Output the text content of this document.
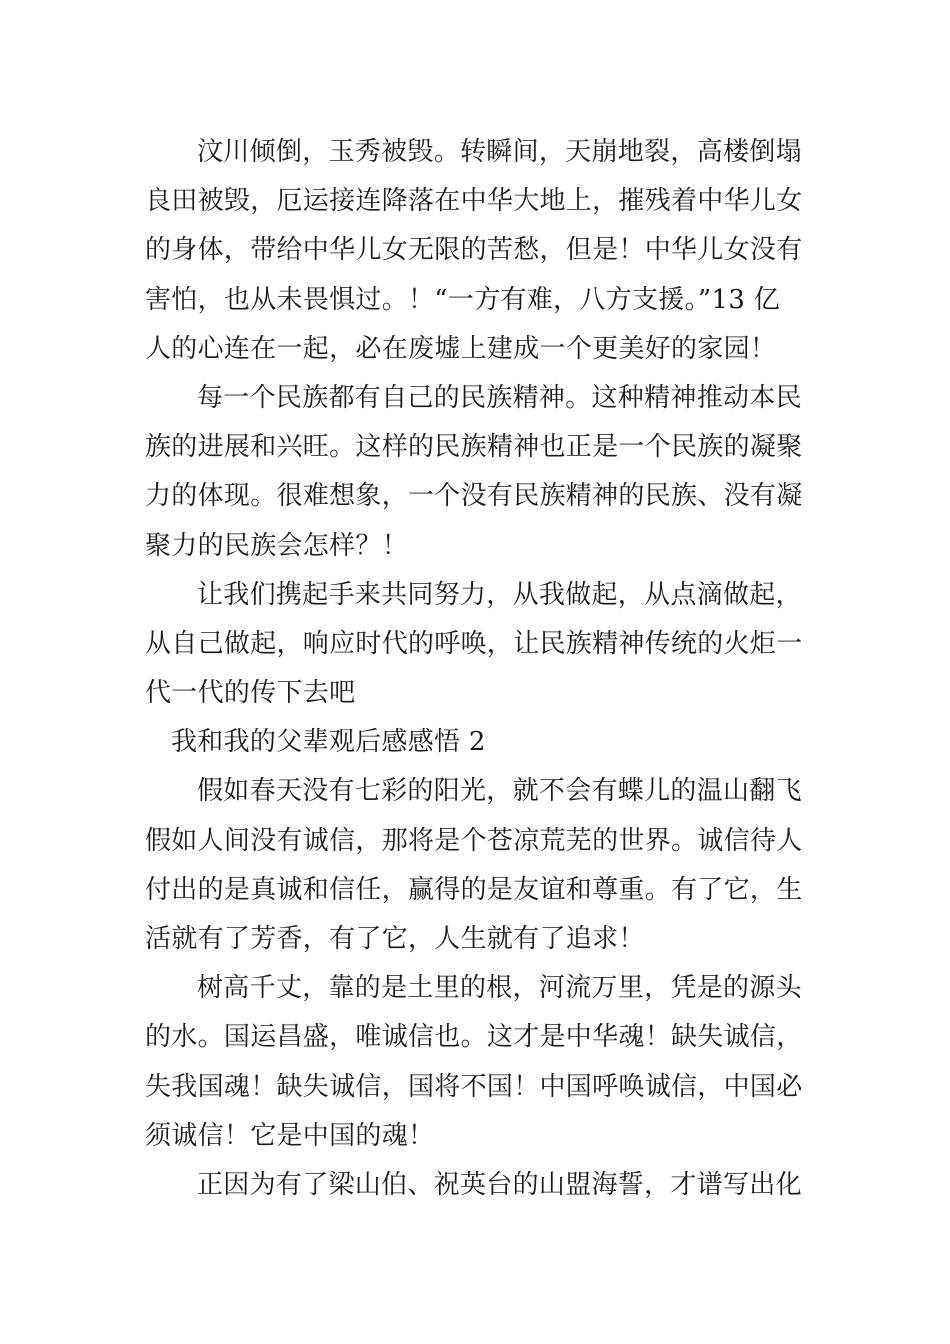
汶川倾倒，玉秀被毁。转瞬间，天崩地裂，高楼倒塌
良田被毁，厄运接连降落在中华大地上，摧残着中华儿女
的身体，带给中华儿女无限的苦愁，但是！中华儿女没有
害怕，也从未畏惧过。！“一方有难，八方支援。”13 亿
人的心连在一起，必在废墟上建成一个更美好的家园！
每一个民族都有自己的民族精神。这种精神推动本民
族的进展和兴旺。这样的民族精神也正是一个民族的凝聚
力的体现。很难想象，一个没有民族精神的民族、没有凝
聚力的民族会怎样？！
让我们携起手来共同努力，从我做起，从点滴做起，
从自己做起，响应时代的呼唤，让民族精神传统的火炬一
代一代的传下去吧
我和我的父辈观后感感悟 2
假如春天没有七彩的阳光，就不会有蝶儿的温山翻飞
假如人间没有诚信，那将是个苍凉荒芜的世界。诚信待人
付出的是真诚和信任，赢得的是友谊和尊重。有了它，生
活就有了芳香，有了它，人生就有了追求！
树高千丈，靠的是土里的根，河流万里，凭是的源头
的水。国运昌盛，唯诚信也。这才是中华魂！缺失诚信，
失我国魂！缺失诚信，国将不国！中国呼唤诚信，中国必
须诚信！它是中国的魂！
正因为有了梁山伯、祝英台的山盟海誓，才谱写出化
